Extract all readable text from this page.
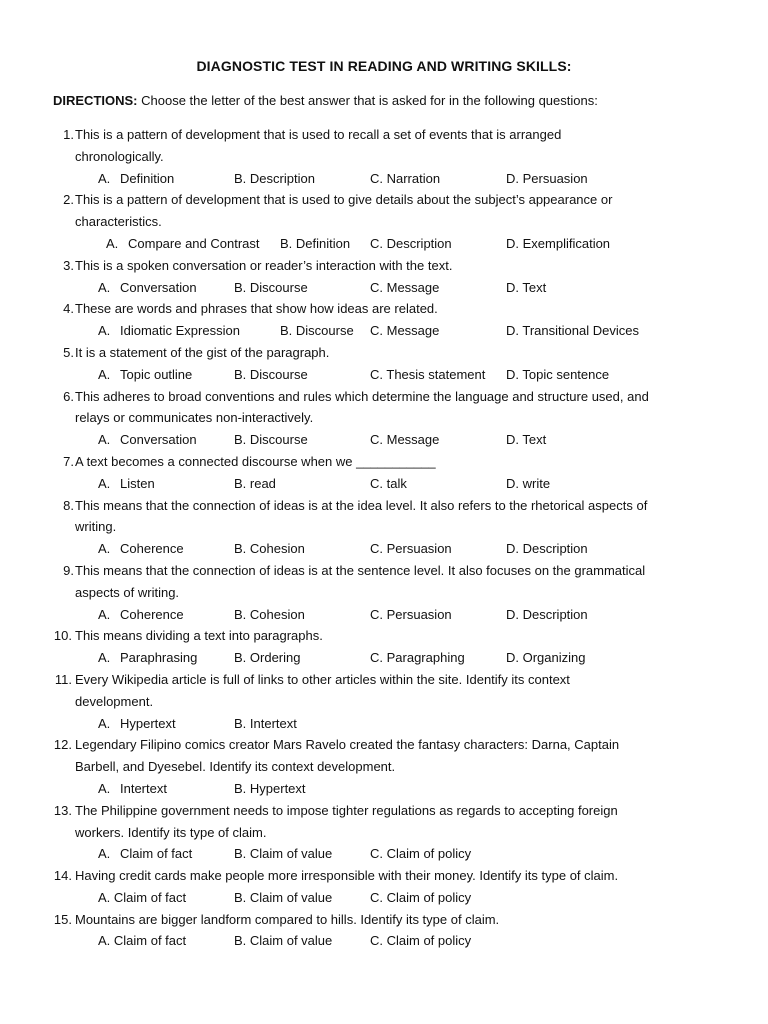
DIAGNOSTIC TEST IN READING AND WRITING SKILLS:
DIRECTIONS: Choose the letter of the best answer that is asked for in the following questions:
1. This is a pattern of development that is used to recall a set of events that is arranged
chronologically.
A. Definition	B. Description	C. Narration	D. Persuasion
2. This is a pattern of development that is used to give details about the subject’s appearance or
characteristics.
A. Compare and Contrast B. Definition C. Description	D. Exemplification
3. This is a spoken conversation or reader’s interaction with the text.
A. Conversation	B. Discourse	C. Message	D. Text
4. These are words and phrases that show how ideas are related.
A. Idiomatic Expression	B. Discourse C. Message	D. Transitional Devices
5. It is a statement of the gist of the paragraph.
A. Topic outline	B. Discourse	C. Thesis statement D. Topic sentence
6. This adheres to broad conventions and rules which determine the language and structure used, and
relays or communicates non-interactively.
A. Conversation	B. Discourse	C. Message	D. Text
7. A text becomes a connected discourse when we ___________
A. Listen	B. read	C. talk	D. write
8. This means that the connection of ideas is at the idea level. It also refers to the rhetorical aspects of
writing.
A. Coherence	B. Cohesion	C. Persuasion	D. Description
9. This means that the connection of ideas is at the sentence level. It also focuses on the grammatical
aspects of writing.
A. Coherence	B. Cohesion	C. Persuasion	D. Description
10. This means dividing a text into paragraphs.
A. Paraphrasing	B. Ordering	C. Paragraphing	D. Organizing
11. Every Wikipedia article is full of links to other articles within the site. Identify its context
development.
A. Hypertext	B. Intertext
12. Legendary Filipino comics creator Mars Ravelo created the fantasy characters: Darna, Captain
Barbell, and Dyesebel. Identify its context development.
A. Intertext	B. Hypertext
13. The Philippine government needs to impose tighter regulations as regards to accepting foreign
workers. Identify its type of claim.
A. Claim of fact	B. Claim of value	C. Claim of policy
14. Having credit cards make people more irresponsible with their money. Identify its type of claim.
A. Claim of fact	B. Claim of value	C. Claim of policy
15. Mountains are bigger landform compared to hills. Identify its type of claim.
A. Claim of fact	B. Claim of value	C. Claim of policy
